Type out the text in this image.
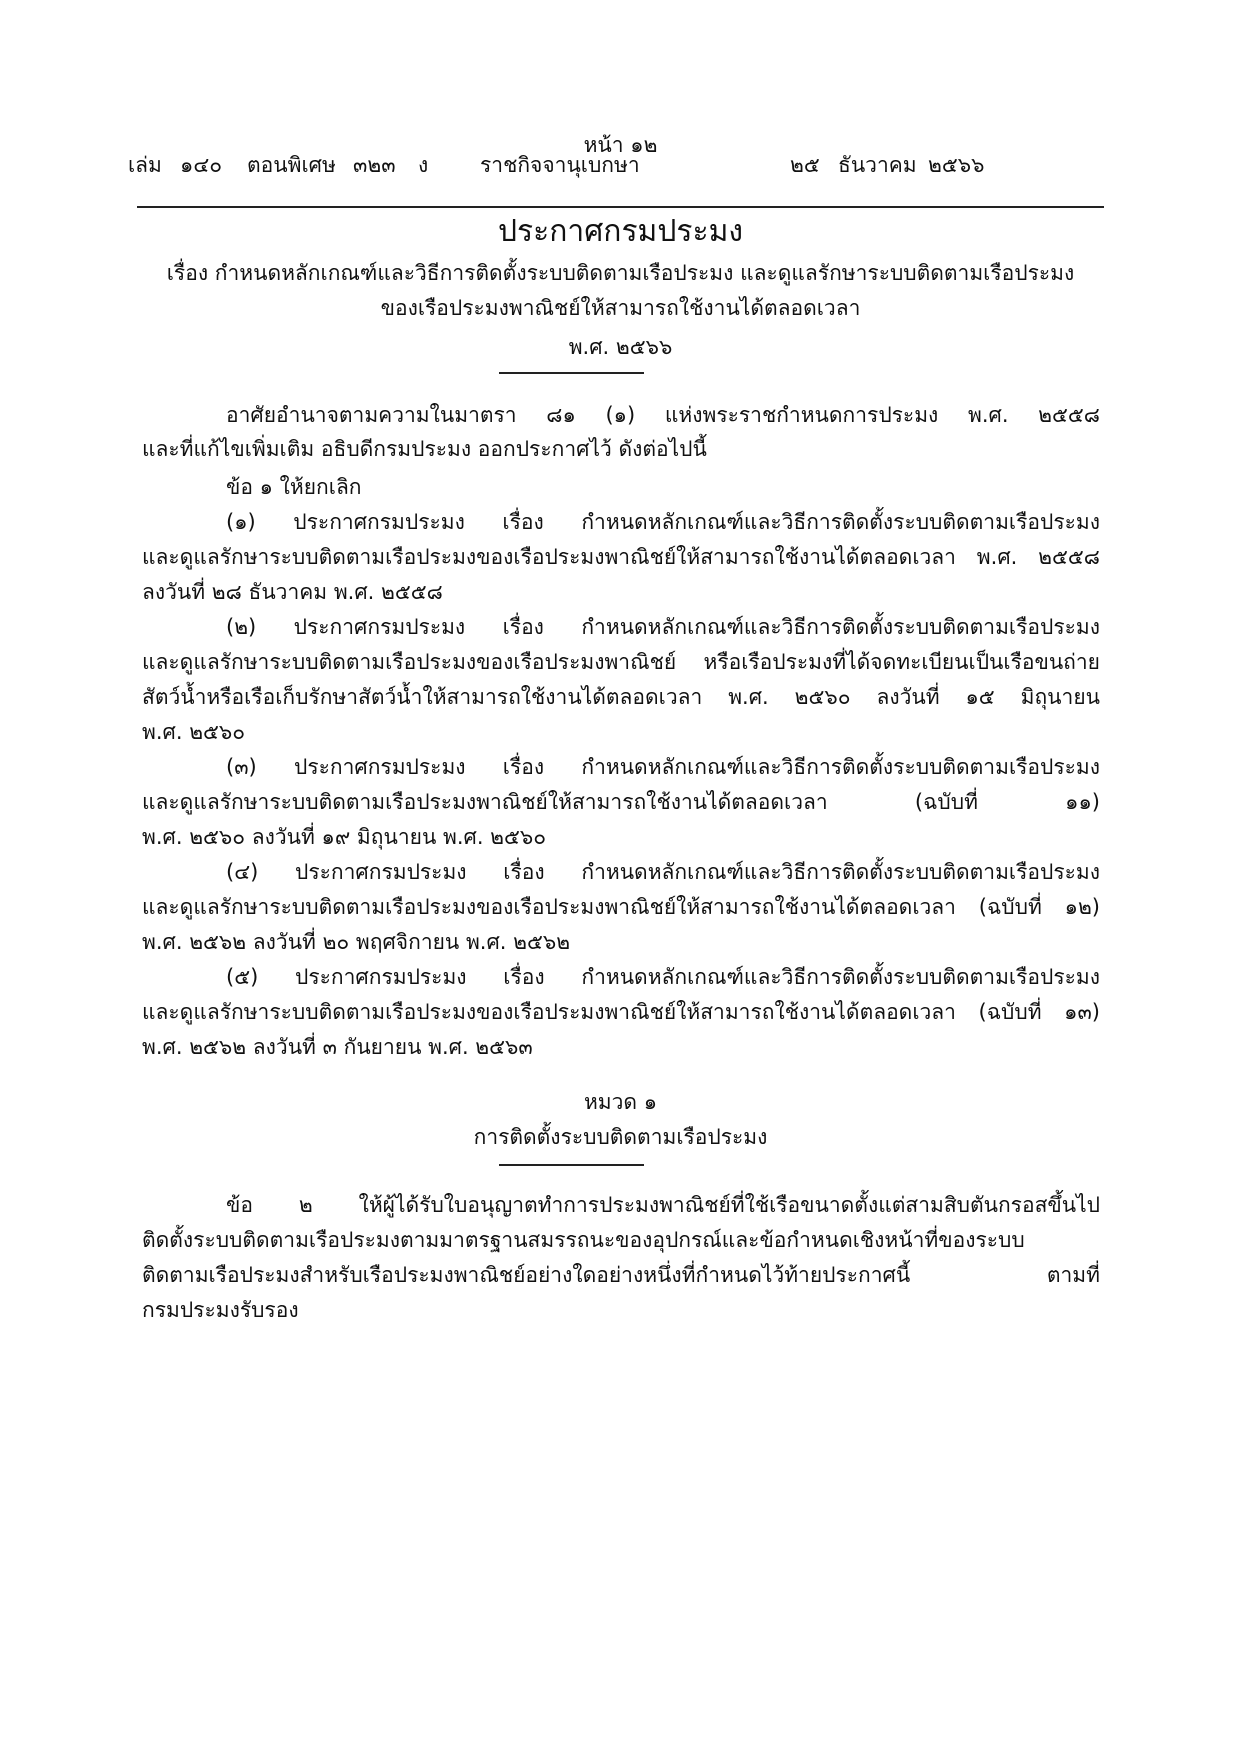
หน้า ๑๒
เล่ม ๑๔๐ ตอนพิเศษ ๓๒๓ ง ราชกิจจานุเบกษา	๒๕ ธันวาคม ๒๕๖๖
ประกาศกรมประมง
เรื่อง กำหนดหลักเกณฑ์และวิธีการติดตั้งระบบติดตามเรือประมง และดูแลรักษาระบบติดตามเรือประมง
ของเรือประมงพาณิชย์ให้สามารถใช้งานได้ตลอดเวลา
พ.ศ. ๒๕๖๖
อาศัยอำนาจตามความในมาตรา ๘๑ (๑) แห่งพระราชกำหนดการประมง พ.ศ. ๒๕๕๘
และที่แก้ไขเพิ่มเติม อธิบดีกรมประมง ออกประกาศไว้ ดังต่อไปนี้
ข้อ ๑ ให้ยกเลิก
(๑) ประกาศกรมประมง เรื่อง กำหนดหลักเกณฑ์และวิธีการติดตั้งระบบติดตามเรือประมง
และดูแลรักษาระบบติดตามเรือประมงของเรือประมงพาณิชย์ให้สามารถใช้งานได้ตลอดเวลา พ.ศ. ๒๕๕๘
ลงวันที่ ๒๘ ธันวาคม พ.ศ. ๒๕๕๘
(๒) ประกาศกรมประมง เรื่อง กำหนดหลักเกณฑ์และวิธีการติดตั้งระบบติดตามเรือประมง
และดูแลรักษาระบบติดตามเรือประมงของเรือประมงพาณิชย์ หรือเรือประมงที่ได้จดทะเบียนเป็นเรือขนถ่าย
สัตว์น้ำหรือเรือเก็บรักษาสัตว์น้ำให้สามารถใช้งานได้ตลอดเวลา พ.ศ. ๒๕๖๐ ลงวันที่ ๑๕ มิถุนายน
พ.ศ. ๒๕๖๐
(๓) ประกาศกรมประมง เรื่อง กำหนดหลักเกณฑ์และวิธีการติดตั้งระบบติดตามเรือประมง
และดูแลรักษาระบบติดตามเรือประมงพาณิชย์ให้สามารถใช้งานได้ตลอดเวลา (ฉบับที่ ๑๑)
พ.ศ. ๒๕๖๐ ลงวันที่ ๑๙ มิถุนายน พ.ศ. ๒๕๖๐
(๔) ประกาศกรมประมง เรื่อง กำหนดหลักเกณฑ์และวิธีการติดตั้งระบบติดตามเรือประมง
และดูแลรักษาระบบติดตามเรือประมงของเรือประมงพาณิชย์ให้สามารถใช้งานได้ตลอดเวลา (ฉบับที่ ๑๒)
พ.ศ. ๒๕๖๒ ลงวันที่ ๒๐ พฤศจิกายน พ.ศ. ๒๕๖๒
(๕) ประกาศกรมประมง เรื่อง กำหนดหลักเกณฑ์และวิธีการติดตั้งระบบติดตามเรือประมง
และดูแลรักษาระบบติดตามเรือประมงของเรือประมงพาณิชย์ให้สามารถใช้งานได้ตลอดเวลา (ฉบับที่ ๑๓)
พ.ศ. ๒๕๖๒ ลงวันที่ ๓ กันยายน พ.ศ. ๒๕๖๓
หมวด ๑
การติดตั้งระบบติดตามเรือประมง
ข้อ ๒ ให้ผู้ได้รับใบอนุญาตทำการประมงพาณิชย์ที่ใช้เรือขนาดตั้งแต่สามสิบตันกรอสขึ้นไป
ติดตั้งระบบติดตามเรือประมงตามมาตรฐานสมรรถนะของอุปกรณ์และข้อกำหนดเชิงหน้าที่ของระบบ
ติดตามเรือประมงสำหรับเรือประมงพาณิชย์อย่างใดอย่างหนึ่งที่กำหนดไว้ท้ายประกาศนี้ ตามที่
กรมประมงรับรอง
